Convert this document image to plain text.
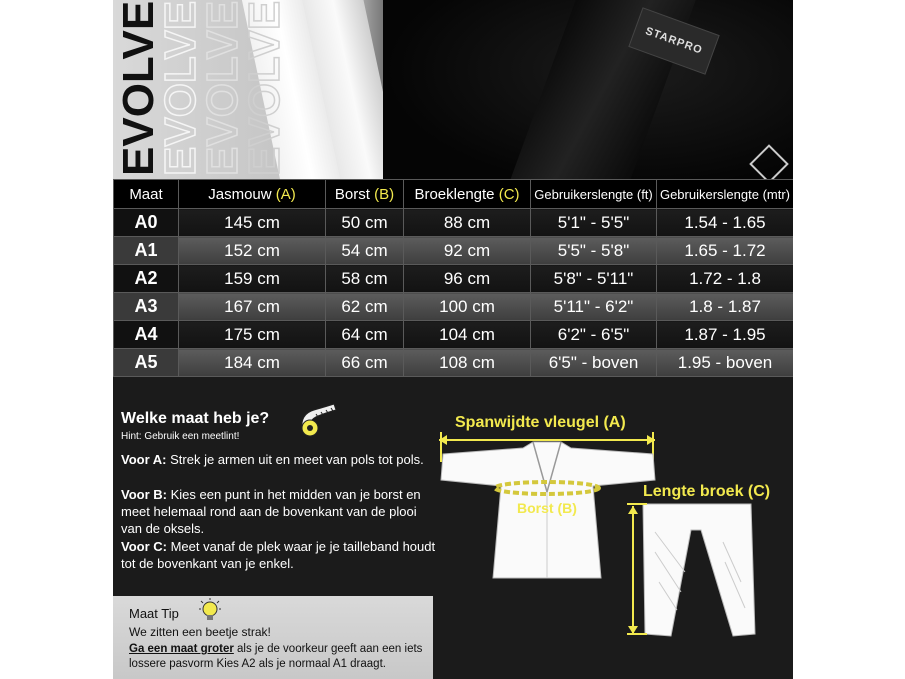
STARPRO
EVOLVE
EVOLVE
EVOLVE
EVOLVE
Maat	Jasmouw (A)	Borst (B)	Broeklengte (C)	Gebruikerslengte (ft)	Gebruikerslengte (mtr)
A0	145 cm	50 cm	88 cm	5'1" - 5'5"	1.54 - 1.65
A1	152 cm	54 cm	92 cm	5'5" - 5'8"	1.65 - 1.72
A2	159 cm	58 cm	96 cm	5'8" - 5'11"	1.72 - 1.8
A3	167 cm	62 cm	100 cm	5'11" - 6'2"	1.8 - 1.87
A4	175 cm	64 cm	104 cm	6'2" - 6'5"	1.87 - 1.95
A5	184 cm	66 cm	108 cm	6'5" - boven	1.95 - boven
Welke maat heb je?
Hint: Gebruik een meetlint!
Voor A: Strek je armen uit en meet van pols tot pols.
Voor B: Kies een punt in het midden van je borst en meet helemaal rond aan de bovenkant van de plooi van de oksels.
Voor C: Meet vanaf de plek waar je je tailleband houdt tot de bovenkant van je enkel.
Maat Tip
We zitten een beetje strak!
Ga een maat groter als je de voorkeur geeft aan een iets lossere pasvorm Kies A2 als je normaal A1 draagt.
Spanwijdte vleugel (A)
Borst (B)
Lengte broek (C)
